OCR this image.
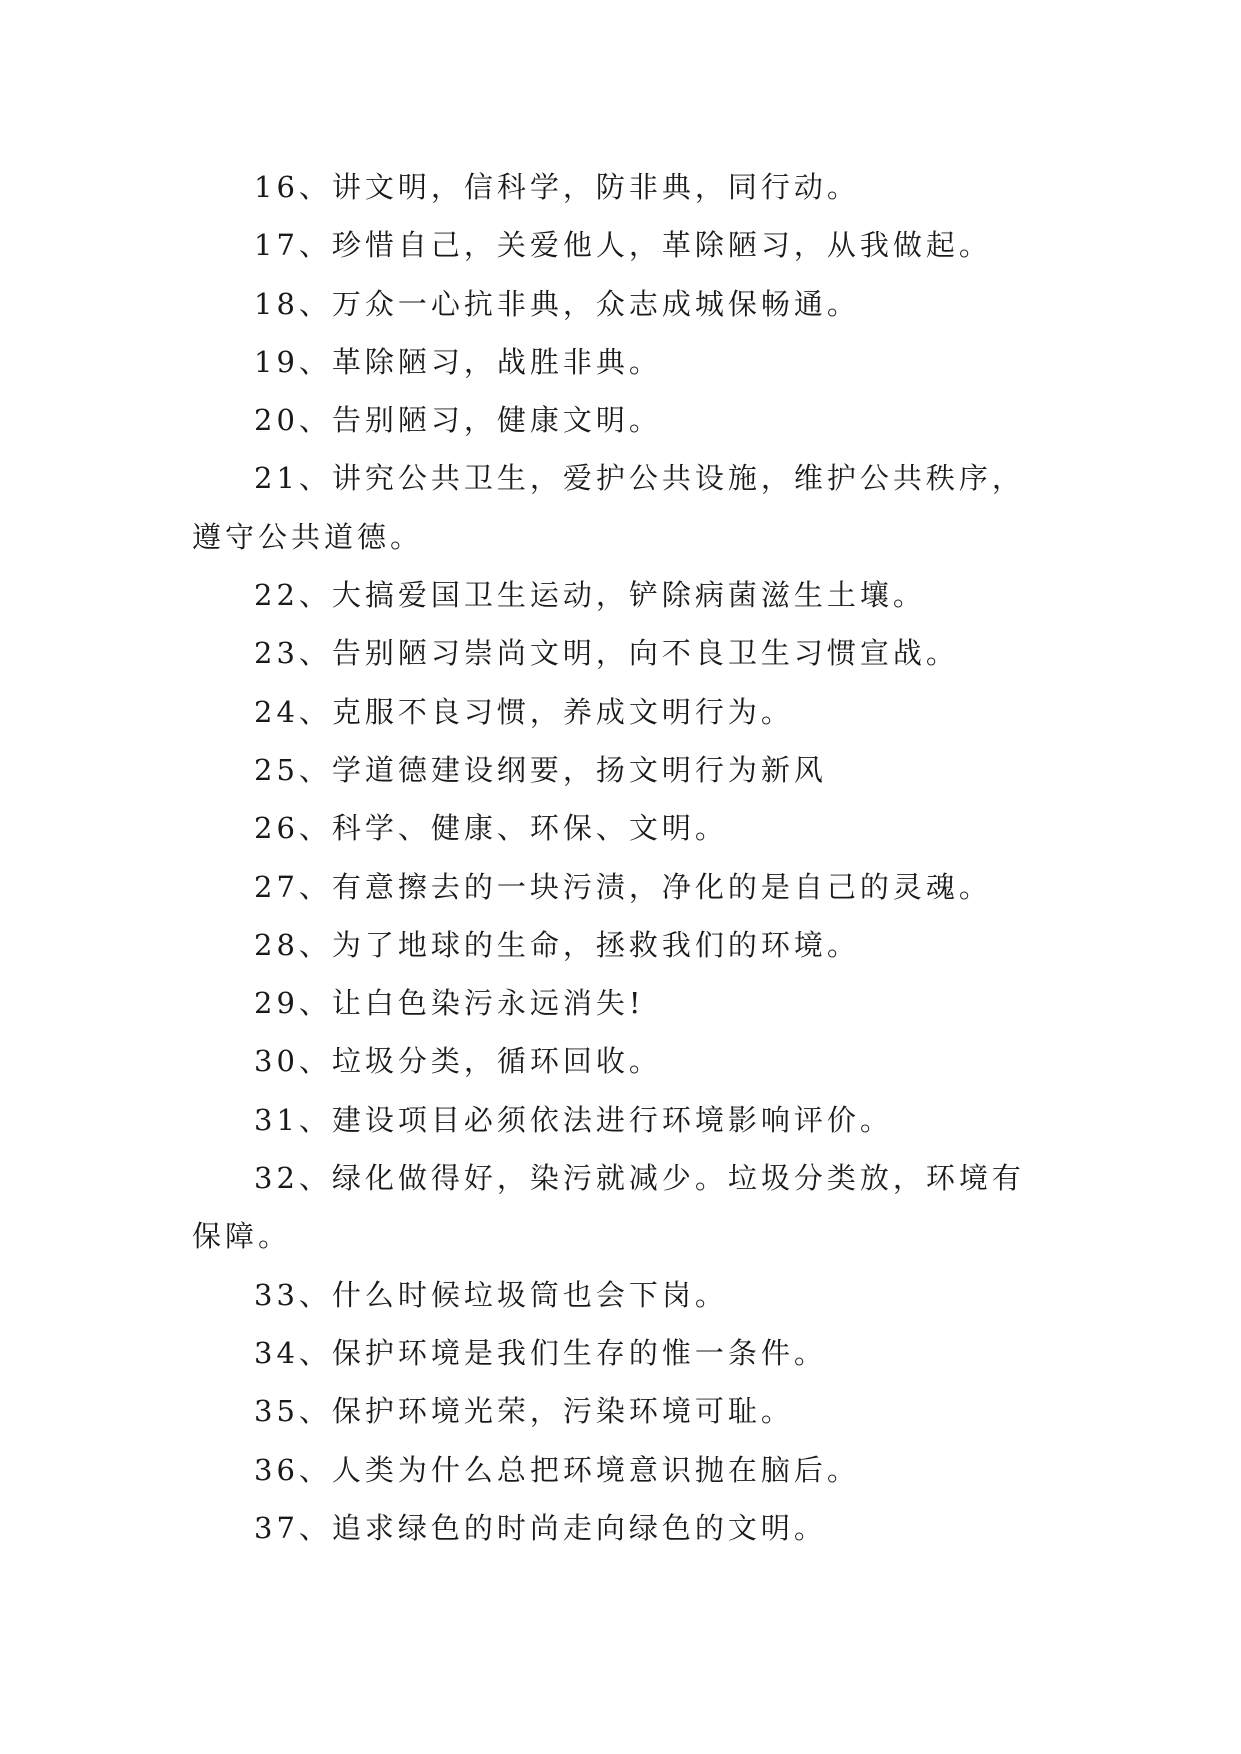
16、讲文明，信科学，防非典，同行动。

17、珍惜自己，关爱他人，革除陋习，从我做起。

18、万众一心抗非典，众志成城保畅通。

19、革除陋习，战胜非典。

20、告别陋习，健康文明。

21、讲究公共卫生，爱护公共设施，维护公共秩序，遵守公共道德。

22、大搞爱国卫生运动，铲除病菌滋生土壤。

23、告别陋习崇尚文明，向不良卫生习惯宣战。

24、克服不良习惯，养成文明行为。

25、学道德建设纲要，扬文明行为新风

26、科学、健康、环保、文明。

27、有意擦去的一块污渍，净化的是自己的灵魂。

28、为了地球的生命，拯救我们的环境。

29、让白色染污永远消失!

30、垃圾分类，循环回收。

31、建设项目必须依法进行环境影响评价。

32、绿化做得好，染污就减少。垃圾分类放，环境有保障。

33、什么时候垃圾筒也会下岗。

34、保护环境是我们生存的惟一条件。

35、保护环境光荣，污染环境可耻。

36、人类为什么总把环境意识抛在脑后。

37、追求绿色的时尚走向绿色的文明。
